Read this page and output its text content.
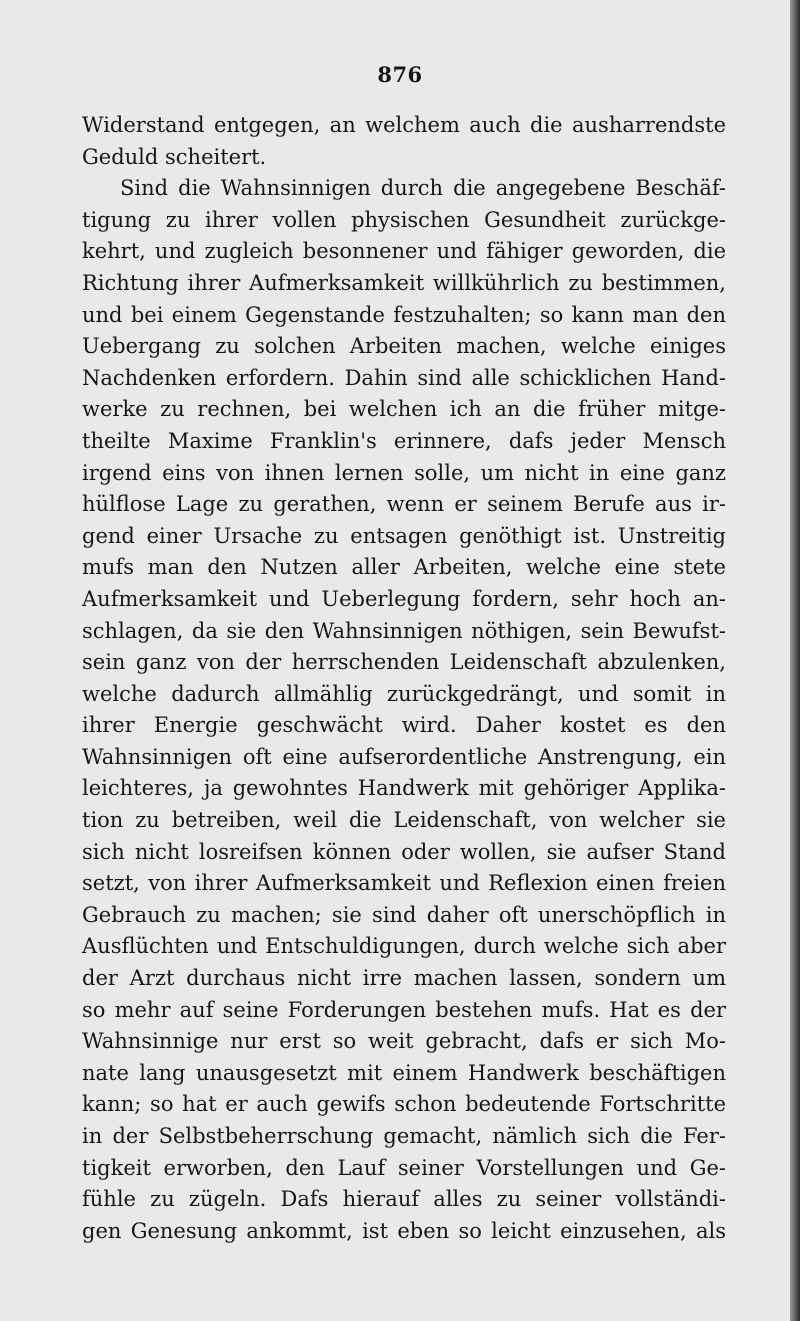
876
Widerstand entgegen, an welchem auch die ausharrendste
Geduld scheitert.
Sind die Wahnsinnigen durch die angegebene Beschäf-
tigung zu ihrer vollen physischen Gesundheit zurückge-
kehrt, und zugleich besonnener und fähiger geworden, die
Richtung ihrer Aufmerksamkeit willkührlich zu bestimmen,
und bei einem Gegenstande festzuhalten; so kann man den
Uebergang zu solchen Arbeiten machen, welche einiges
Nachdenken erfordern. Dahin sind alle schicklichen Hand-
werke zu rechnen, bei welchen ich an die früher mitge-
theilte Maxime Franklin's erinnere, dafs jeder Mensch
irgend eins von ihnen lernen solle, um nicht in eine ganz
hülflose Lage zu gerathen, wenn er seinem Berufe aus ir-
gend einer Ursache zu entsagen genöthigt ist. Unstreitig
mufs man den Nutzen aller Arbeiten, welche eine stete
Aufmerksamkeit und Ueberlegung fordern, sehr hoch an-
schlagen, da sie den Wahnsinnigen nöthigen, sein Bewufst-
sein ganz von der herrschenden Leidenschaft abzulenken,
welche dadurch allmählig zurückgedrängt, und somit in
ihrer Energie geschwächt wird. Daher kostet es den
Wahnsinnigen oft eine aufserordentliche Anstrengung, ein
leichteres, ja gewohntes Handwerk mit gehöriger Applika-
tion zu betreiben, weil die Leidenschaft, von welcher sie
sich nicht losreifsen können oder wollen, sie aufser Stand
setzt, von ihrer Aufmerksamkeit und Reflexion einen freien
Gebrauch zu machen; sie sind daher oft unerschöpflich in
Ausflüchten und Entschuldigungen, durch welche sich aber
der Arzt durchaus nicht irre machen lassen, sondern um
so mehr auf seine Forderungen bestehen mufs. Hat es der
Wahnsinnige nur erst so weit gebracht, dafs er sich Mo-
nate lang unausgesetzt mit einem Handwerk beschäftigen
kann; so hat er auch gewifs schon bedeutende Fortschritte
in der Selbstbeherrschung gemacht, nämlich sich die Fer-
tigkeit erworben, den Lauf seiner Vorstellungen und Ge-
fühle zu zügeln. Dafs hierauf alles zu seiner vollständi-
gen Genesung ankommt, ist eben so leicht einzusehen, als
